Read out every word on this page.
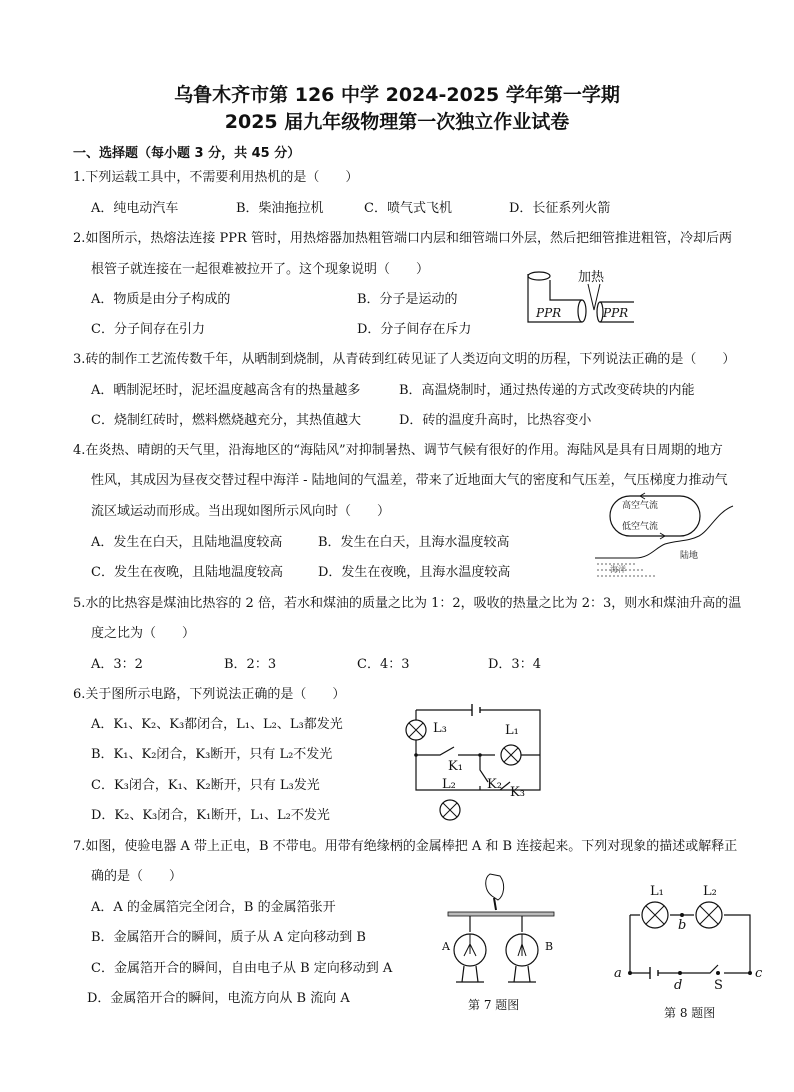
乌鲁木齐市第 126 中学 2024-2025 学年第一学期
2025 届九年级物理第一次独立作业试卷
一、选择题（每小题 3 分，共 45 分）
1.下列运载工具中，不需要利用热机的是（　　）
A．纯电动汽车	B．柴油拖拉机	C．喷气式飞机	D．长征系列火箭
2.如图所示，热熔法连接 PPR 管时，用热熔器加热粗管端口内层和细管端口外层，然后把细管推进粗管，冷却后两
根管子就连接在一起很难被拉开了。这个现象说明（　　）
A．物质是由分子构成的	B．分子是运动的
C．分子间存在引力	D．分子间存在斥力
加热
PPR	PPR
3.砖的制作工艺流传数千年，从晒制到烧制，从青砖到红砖见证了人类迈向文明的历程，下列说法正确的是（　　）
A．晒制泥坯时，泥坯温度越高含有的热量越多	B．高温烧制时，通过热传递的方式改变砖块的内能
C．烧制红砖时，燃料燃烧越充分，其热值越大	D．砖的温度升高时，比热容变小
4.在炎热、晴朗的天气里，沿海地区的“海陆风”对抑制暑热、调节气候有很好的作用。海陆风是具有日周期的地方
性风，其成因为昼夜交替过程中海洋 - 陆地间的气温差，带来了近地面大气的密度和气压差，气压梯度力推动气
流区域运动而形成。当出现如图所示风向时（　　）
A．发生在白天，且陆地温度较高	B．发生在白天，且海水温度较高
C．发生在夜晚，且陆地温度较高	D．发生在夜晚，且海水温度较高
高空气流
低空气流
陆地
海洋
5.水的比热容是煤油比热容的 2 倍，若水和煤油的质量之比为 1：2，吸收的热量之比为 2：3，则水和煤油升高的温
度之比为（　　）
A．3：2	B．2：3	C．4：3	D．3：4
6.关于图所示电路，下列说法正确的是（　　）
A．K₁、K₂、K₃都闭合，L₁、L₂、L₃都发光
B．K₁、K₂闭合，K₃断开，只有 L₂不发光
C．K₃闭合，K₁、K₂断开，只有 L₃发光
D．K₂、K₃闭合，K₁断开，L₁、L₂不发光
L₃	L₁
L₂
K₁
K₂
K₃
7.如图，使验电器 A 带上正电，B 不带电。用带有绝缘柄的金属棒把 A 和 B 连接起来。下列对现象的描述或解释正
确的是（　　）
A．A 的金属箔完全闭合，B 的金属箔张开
B．金属箔开合的瞬间，质子从 A 定向移动到 B
C．金属箔开合的瞬间，自由电子从 B 定向移动到 A
D．金属箔开合的瞬间，电流方向从 B 流向 A
A	B
第 7 题图
L₁	L₂
b
a
d S
c
第 8 题图
